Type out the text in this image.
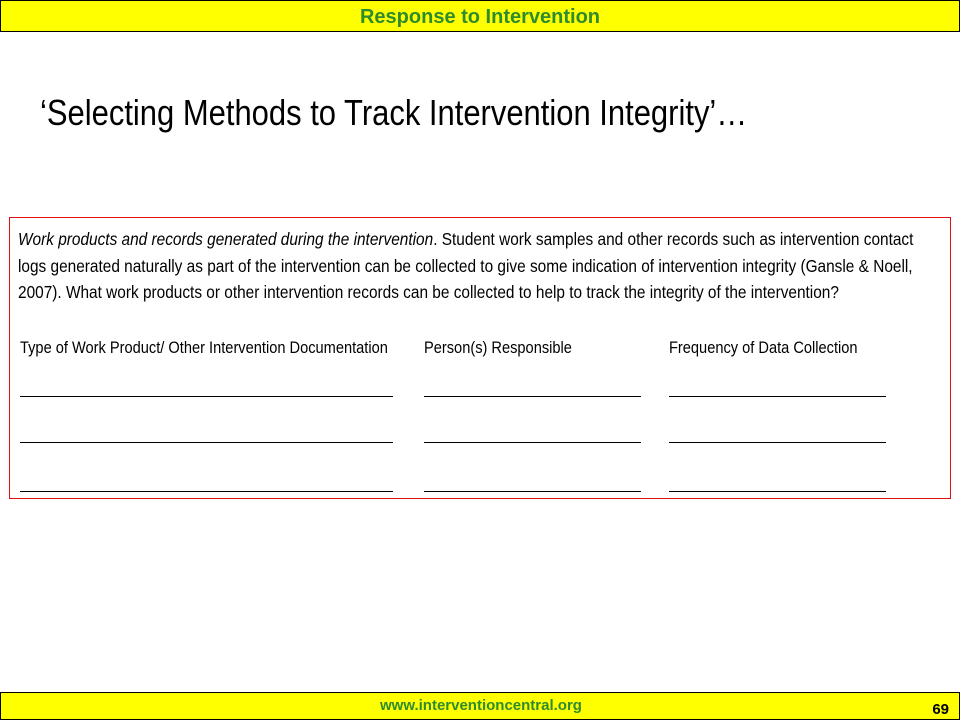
Response to Intervention
‘Selecting Methods to Track Intervention Integrity’…
Work products and records generated during the intervention. Student work samples and other records such as intervention contact logs generated naturally as part of the intervention can be collected to give some indication of intervention integrity (Gansle & Noell, 2007). What work products or other intervention records can be collected to help to track the integrity of the intervention?
Type of Work Product/ Other Intervention Documentation Person(s) Responsible	Frequency of Data Collection
www.interventioncentral.org	69
